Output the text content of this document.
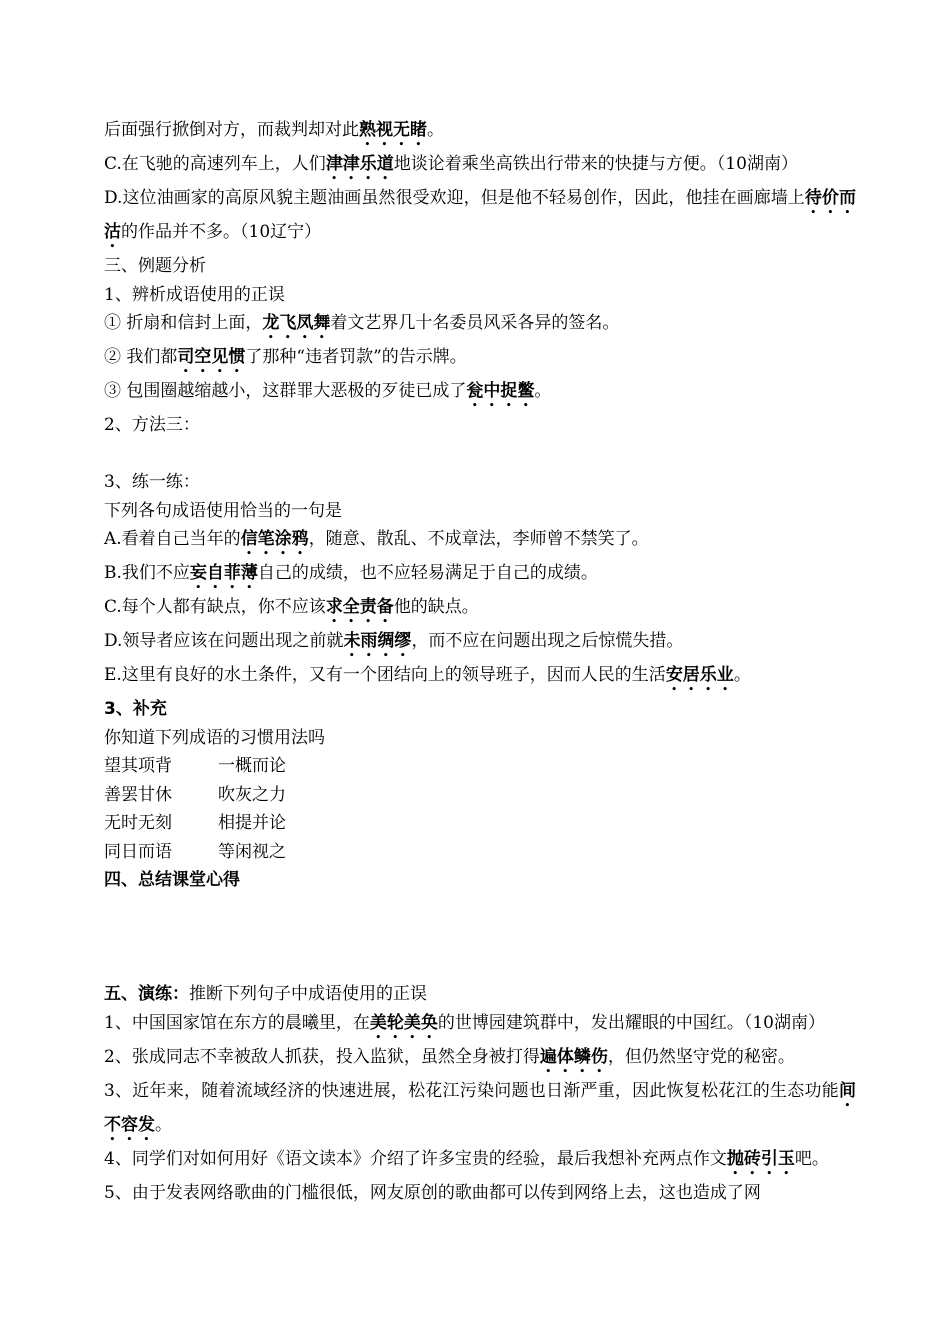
后面强行掀倒对方，而裁判却对此熟视无睹。

C.在飞驰的高速列车上，人们津津乐道地谈论着乘坐高铁出行带来的快捷与方便。（10湖南）

D.这位油画家的高原风貌主题油画虽然很受欢迎，但是他不轻易创作，因此，他挂在画廊墙上待价而沽的作品并不多。（10辽宁）

三、例题分析

1、辨析成语使用的正误

① 折扇和信封上面，龙飞凤舞着文艺界几十名委员风采各异的签名。

② 我们都司空见惯了那种“违者罚款”的告示牌。

③ 包围圈越缩越小，这群罪大恶极的歹徒已成了瓮中捉鳖。

2、方法三：

3、练一练：

下列各句成语使用恰当的一句是

A.看着自己当年的信笔涂鸦，随意、散乱、不成章法，李师曾不禁笑了。

B.我们不应妄自菲薄自己的成绩，也不应轻易满足于自己的成绩。

C.每个人都有缺点，你不应该求全责备他的缺点。

D.领导者应该在问题出现之前就未雨绸缪，而不应在问题出现之后惊慌失措。

E.这里有良好的水土条件，又有一个团结向上的领导班子，因而人民的生活安居乐业。

3、补充

你知道下列成语的习惯用法吗

望其项背	一概而论

善罢甘休	吹灰之力

无时无刻	相提并论

同日而语	等闲视之

四、总结课堂心得

五、演练：推断下列句子中成语使用的正误

1、中国国家馆在东方的晨曦里，在美轮美奂的世博园建筑群中，发出耀眼的中国红。（10湖南）

2、张成同志不幸被敌人抓获，投入监狱，虽然全身被打得遍体鳞伤，但仍然坚守党的秘密。

3、近年来，随着流域经济的快速进展，松花江污染问题也日渐严重，因此恢复松花江的生态功能间不容发。

4、同学们对如何用好《语文读本》介绍了许多宝贵的经验，最后我想补充两点作文抛砖引玉吧。

5、由于发表网络歌曲的门槛很低，网友原创的歌曲都可以传到网络上去，这也造成了网
